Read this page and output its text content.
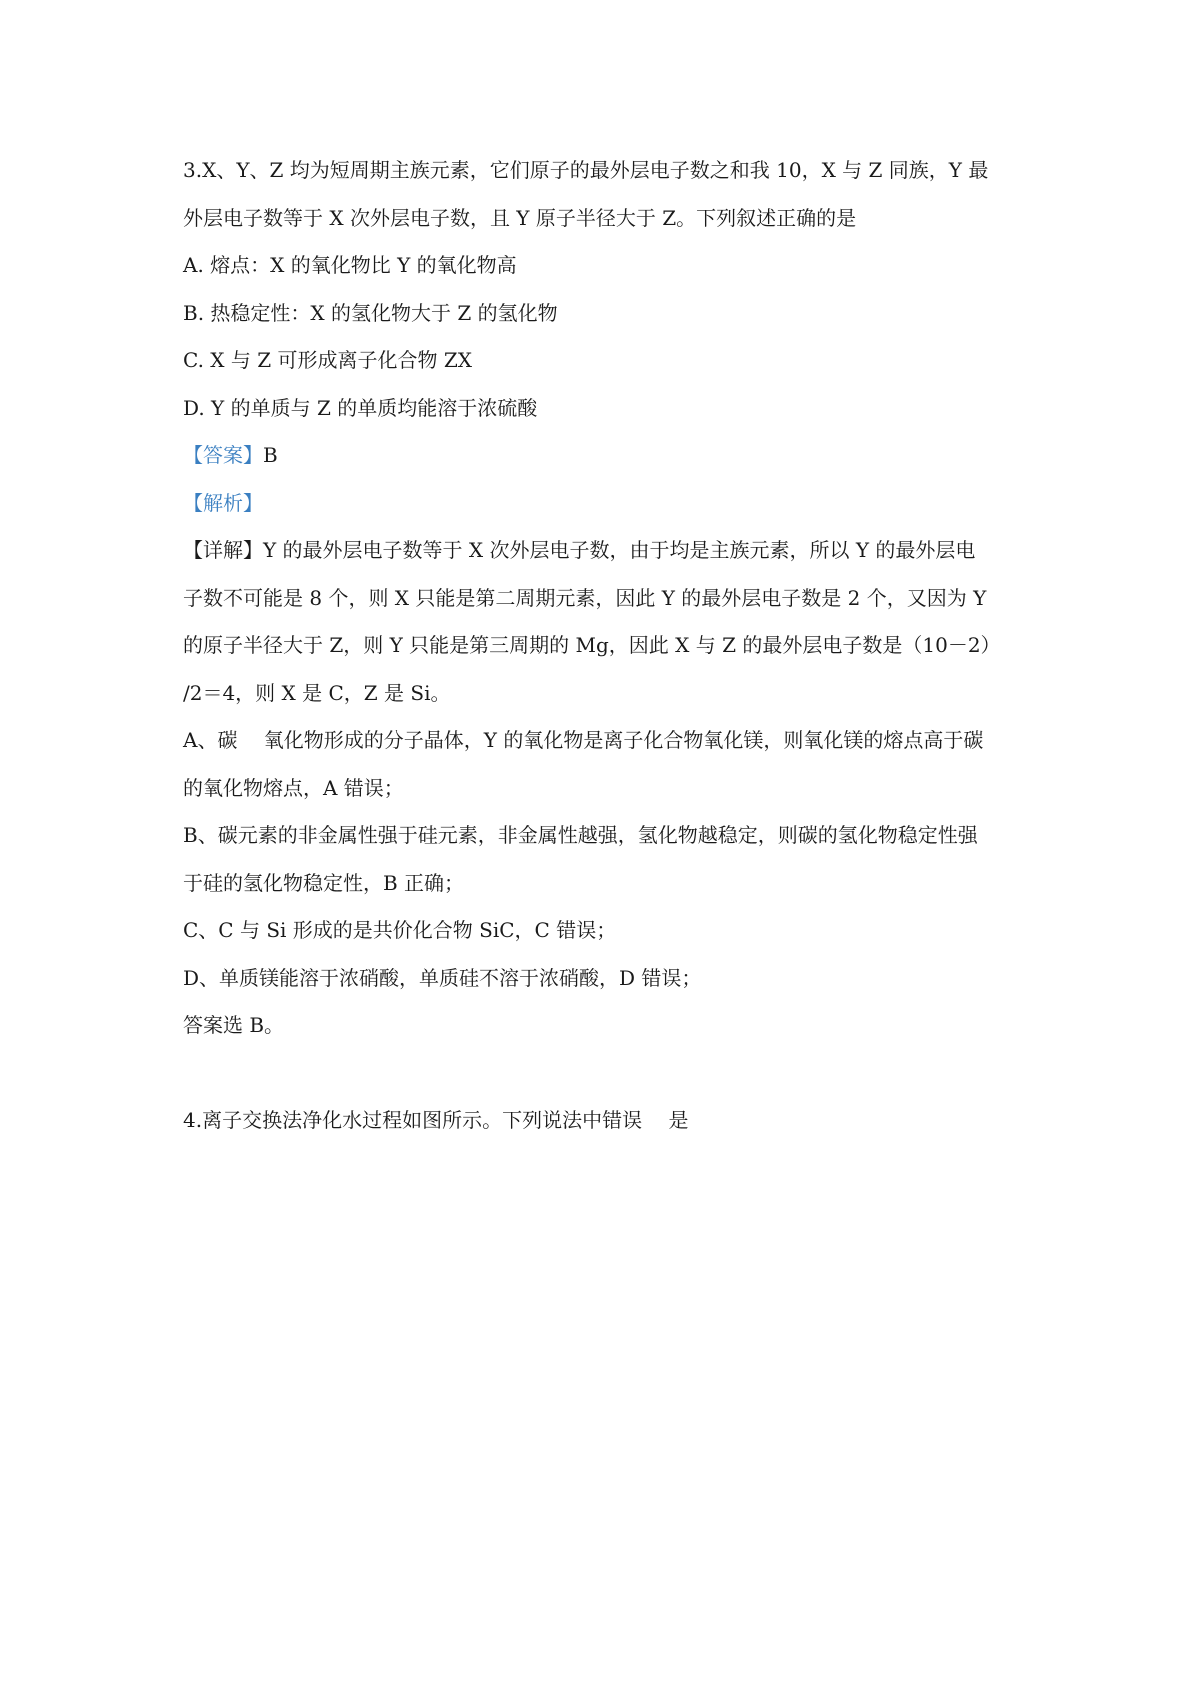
3.X、Y、Z 均为短周期主族元素，它们原子的最外层电子数之和我 10，X 与 Z 同族，Y 最
外层电子数等于 X 次外层电子数，且 Y 原子半径大于 Z。下列叙述正确的是
A. 熔点：X 的氧化物比 Y 的氧化物高
B. 热稳定性：X 的氢化物大于 Z 的氢化物
C. X 与 Z 可形成离子化合物 ZX
D. Y 的单质与 Z 的单质均能溶于浓硫酸
【答案】B
【解析】
【详解】Y 的最外层电子数等于 X 次外层电子数，由于均是主族元素，所以 Y 的最外层电
子数不可能是 8 个，则 X 只能是第二周期元素，因此 Y 的最外层电子数是 2 个，又因为 Y
的原子半径大于 Z，则 Y 只能是第三周期的 Mg，因此 X 与 Z 的最外层电子数是（10－2）
/2＝4，则 X 是 C，Z 是 Si。
A、碳　 氧化物形成的分子晶体，Y 的氧化物是离子化合物氧化镁，则氧化镁的熔点高于碳
的氧化物熔点，A 错误；
B、碳元素的非金属性强于硅元素，非金属性越强，氢化物越稳定，则碳的氢化物稳定性强
于硅的氢化物稳定性，B 正确；
C、C 与 Si 形成的是共价化合物 SiC，C 错误；
D、单质镁能溶于浓硝酸，单质硅不溶于浓硝酸，D 错误；
答案选 B。
4.离子交换法净化水过程如图所示。下列说法中错误　 是
